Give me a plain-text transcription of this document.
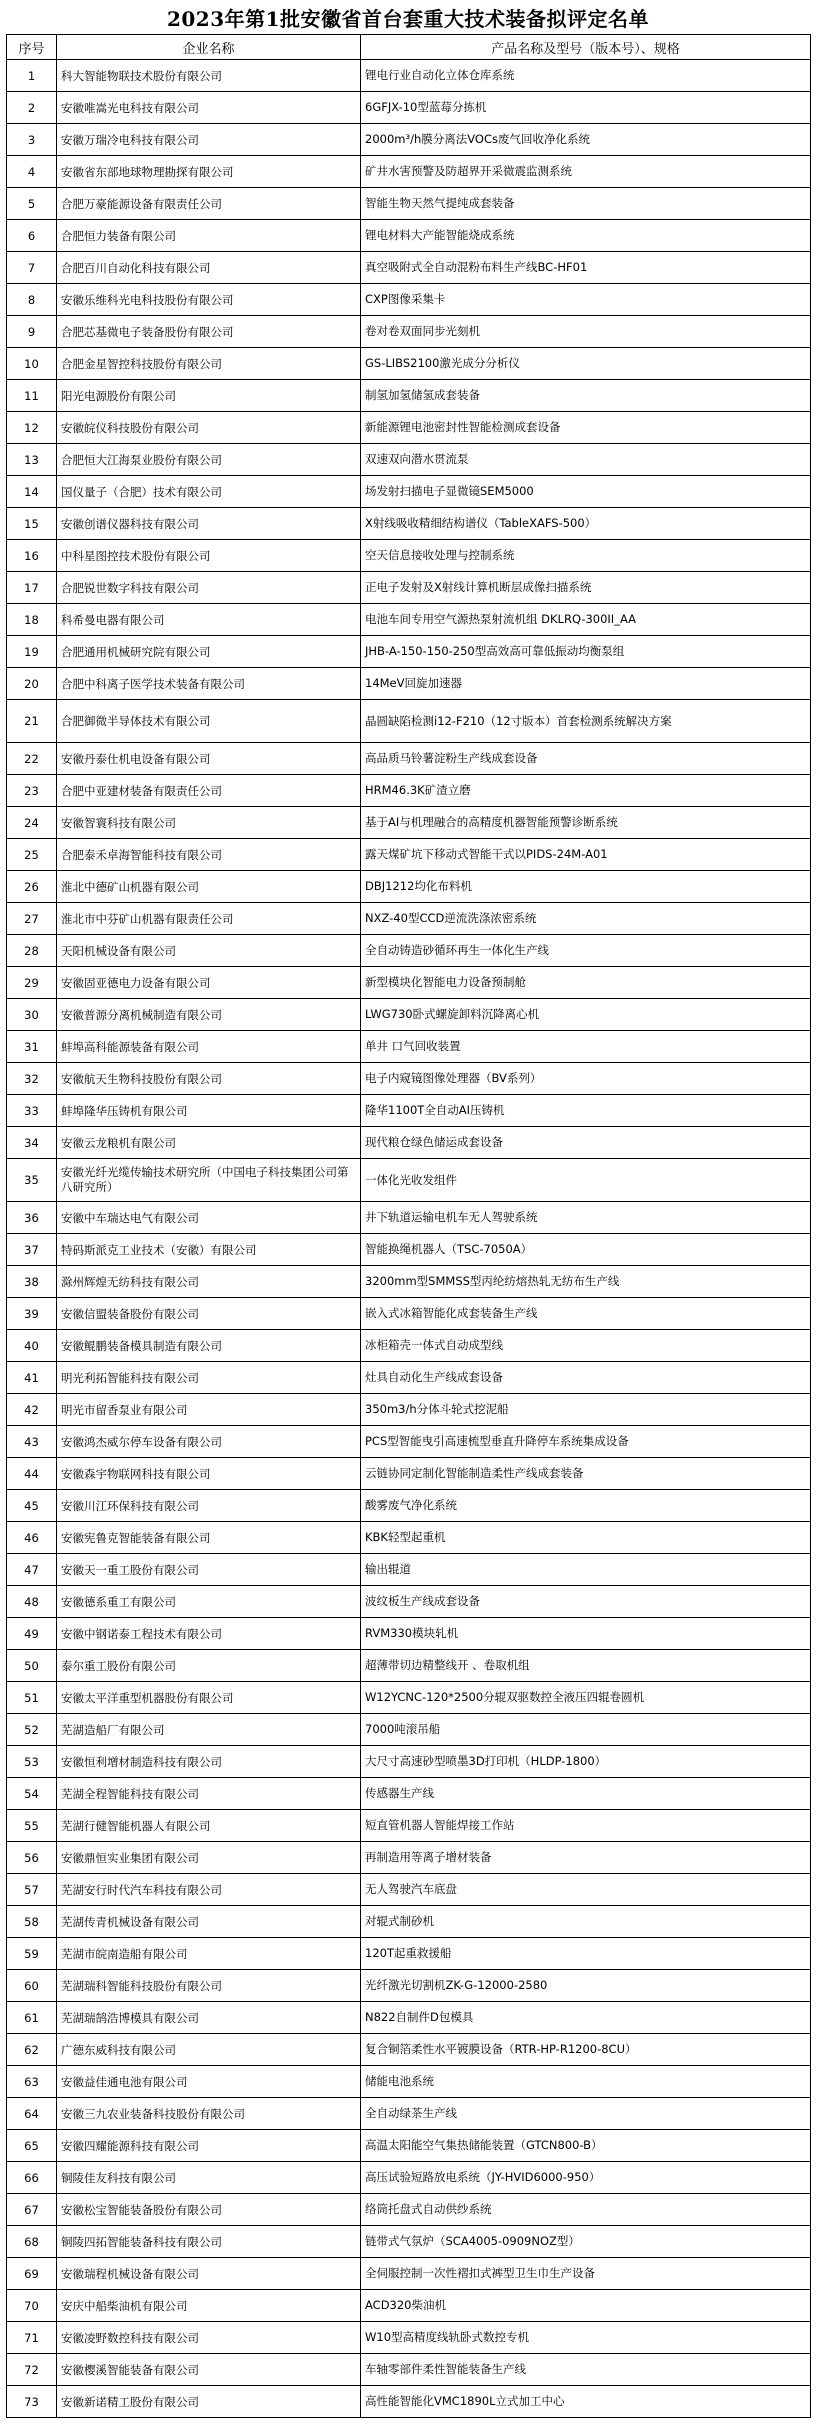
2023年第1批安徽省首台套重大技术装备拟评定名单
序号	企业名称	产品名称及型号（版本号）、规格
1	科大智能物联技术股份有限公司	锂电行业自动化立体仓库系统
2	安徽唯嵩光电科技有限公司	6GFJX-10型蓝莓分拣机
3	安徽万瑞冷电科技有限公司	2000m³/h膜分离法VOCs废气回收净化系统
4	安徽省东部地球物理勘探有限公司	矿井水害预警及防超界开采微震监测系统
5	合肥万豪能源设备有限责任公司	智能生物天然气提纯成套装备
6	合肥恒力装备有限公司	锂电材料大产能智能烧成系统
7	合肥百川自动化科技有限公司	真空吸附式全自动混粉布料生产线BC-HF01
8	安徽乐维科光电科技股份有限公司	CXP图像采集卡
9	合肥芯基微电子装备股份有限公司	卷对卷双面同步光刻机
10	合肥金星智控科技股份有限公司	GS-LIBS2100激光成分分析仪
11	阳光电源股份有限公司	制氢加氢储氢成套装备
12	安徽皖仪科技股份有限公司	新能源锂电池密封性智能检测成套设备
13	合肥恒大江海泵业股份有限公司	双速双向潜水贯流泵
14	国仪量子（合肥）技术有限公司	场发射扫描电子显微镜SEM5000
15	安徽创谱仪器科技有限公司	X射线吸收精细结构谱仪（TableXAFS-500）
16	中科星图控技术股份有限公司	空天信息接收处理与控制系统
17	合肥锐世数字科技有限公司	正电子发射及X射线计算机断层成像扫描系统
18	科希曼电器有限公司	电池车间专用空气源热泵射流机组 DKLRQ-300II_AA
19	合肥通用机械研究院有限公司	JHB-A-150-150-250型高效高可靠低振动均衡泵组
20	合肥中科离子医学技术装备有限公司	14MeV回旋加速器
21	合肥御微半导体技术有限公司	晶圆缺陷检测i12-F210（12寸版本）首套检测系统解决方案
22	安徽丹泰仕机电设备有限公司	高品质马铃薯淀粉生产线成套设备
23	合肥中亚建材装备有限责任公司	HRM46.3K矿渣立磨
24	安徽智寰科技有限公司	基于AI与机理融合的高精度机器智能预警诊断系统
25	合肥泰禾卓海智能科技有限公司	露天煤矿坑下移动式智能干式以PIDS-24M-A01
26	淮北中德矿山机器有限公司	DBJ1212均化布料机
27	淮北市中芬矿山机器有限责任公司	NXZ-40型CCD逆流洗涤浓密系统
28	天阳机械设备有限公司	全自动铸造砂循环再生一体化生产线
29	安徽固亚德电力设备有限公司	新型模块化智能电力设备预制舱
30	安徽普源分离机械制造有限公司	LWG730卧式螺旋卸料沉降离心机
31	蚌埠高科能源装备有限公司	单井 口气回收装置
32	安徽航天生物科技股份有限公司	电子内窥镜图像处理器（BV系列）
33	蚌埠隆华压铸机有限公司	隆华1100T全自动AI压铸机
34	安徽云龙粮机有限公司	现代粮仓绿色储运成套设备
35	安徽光纤光缆传输技术研究所（中国电子科技集团公司第八研究所）	一体化光收发组件
36	安徽中车瑞达电气有限公司	井下轨道运输电机车无人驾驶系统
37	特码斯派克工业技术（安徽）有限公司	智能换绳机器人（TSC-7050A）
38	滁州辉煌无纺科技有限公司	3200mm型SMMSS型丙纶纺熔热轧无纺布生产线
39	安徽信盟装备股份有限公司	嵌入式冰箱智能化成套装备生产线
40	安徽鲲鹏装备模具制造有限公司	冰柜箱壳一体式自动成型线
41	明光利拓智能科技有限公司	灶具自动化生产线成套设备
42	明光市留香泵业有限公司	350m3/h分体斗轮式挖泥船
43	安徽鸿杰威尔停车设备有限公司	PCS型智能曳引高速梳型垂直升降停车系统集成设备
44	安徽森宇物联网科技有限公司	云链协同定制化智能制造柔性产线成套装备
45	安徽川江环保科技有限公司	酸雾废气净化系统
46	安徽宪鲁克智能装备有限公司	KBK轻型起重机
47	安徽天一重工股份有限公司	输出辊道
48	安徽德系重工有限公司	波纹板生产线成套设备
49	安徽中钢诺泰工程技术有限公司	RVM330模块轧机
50	泰尔重工股份有限公司	超薄带切边精整线开 、卷取机组
51	安徽太平洋重型机器股份有限公司	W12YCNC-120*2500分辊双驱数控全液压四辊卷圆机
52	芜湖造船厂有限公司	7000吨滚吊船
53	安徽恒利增材制造科技有限公司	大尺寸高速砂型喷墨3D打印机（HLDP-1800）
54	芜湖全程智能科技有限公司	传感器生产线
55	芜湖行健智能机器人有限公司	短直管机器人智能焊接工作站
56	安徽鼎恒实业集团有限公司	再制造用等离子增材装备
57	芜湖安行时代汽车科技有限公司	无人驾驶汽车底盘
58	芜湖传青机械设备有限公司	对辊式制砂机
59	芜湖市皖南造船有限公司	120T起重救援船
60	芜湖瑞科智能科技股份有限公司	光纤激光切割机ZK-G-12000-2580
61	芜湖瑞鹄浩博模具有限公司	N822自制件D包模具
62	广德东威科技有限公司	复合铜箔柔性水平镀膜设备（RTR-HP-R1200-8CU）
63	安徽益佳通电池有限公司	储能电池系统
64	安徽三九农业装备科技股份有限公司	全自动绿茶生产线
65	安徽四耀能源科技有限公司	高温太阳能空气集热储能装置（GTCN800-B）
66	铜陵佳友科技有限公司	高压试验短路放电系统（JY-HVID6000-950）
67	安徽松宝智能装备股份有限公司	络筒托盘式自动供纱系统
68	铜陵四拓智能装备科技有限公司	链带式气氛炉（SCA4005-0909NOZ型）
69	安徽瑞程机械设备有限公司	全伺服控制一次性褶扣式裤型卫生巾生产设备
70	安庆中船柴油机有限公司	ACD320柴油机
71	安徽凌野数控科技有限公司	W10型高精度线轨卧式数控专机
72	安徽樱溪智能装备有限公司	车轴零部件柔性智能装备生产线
73	安徽新诺精工股份有限公司	高性能智能化VMC1890L立式加工中心
